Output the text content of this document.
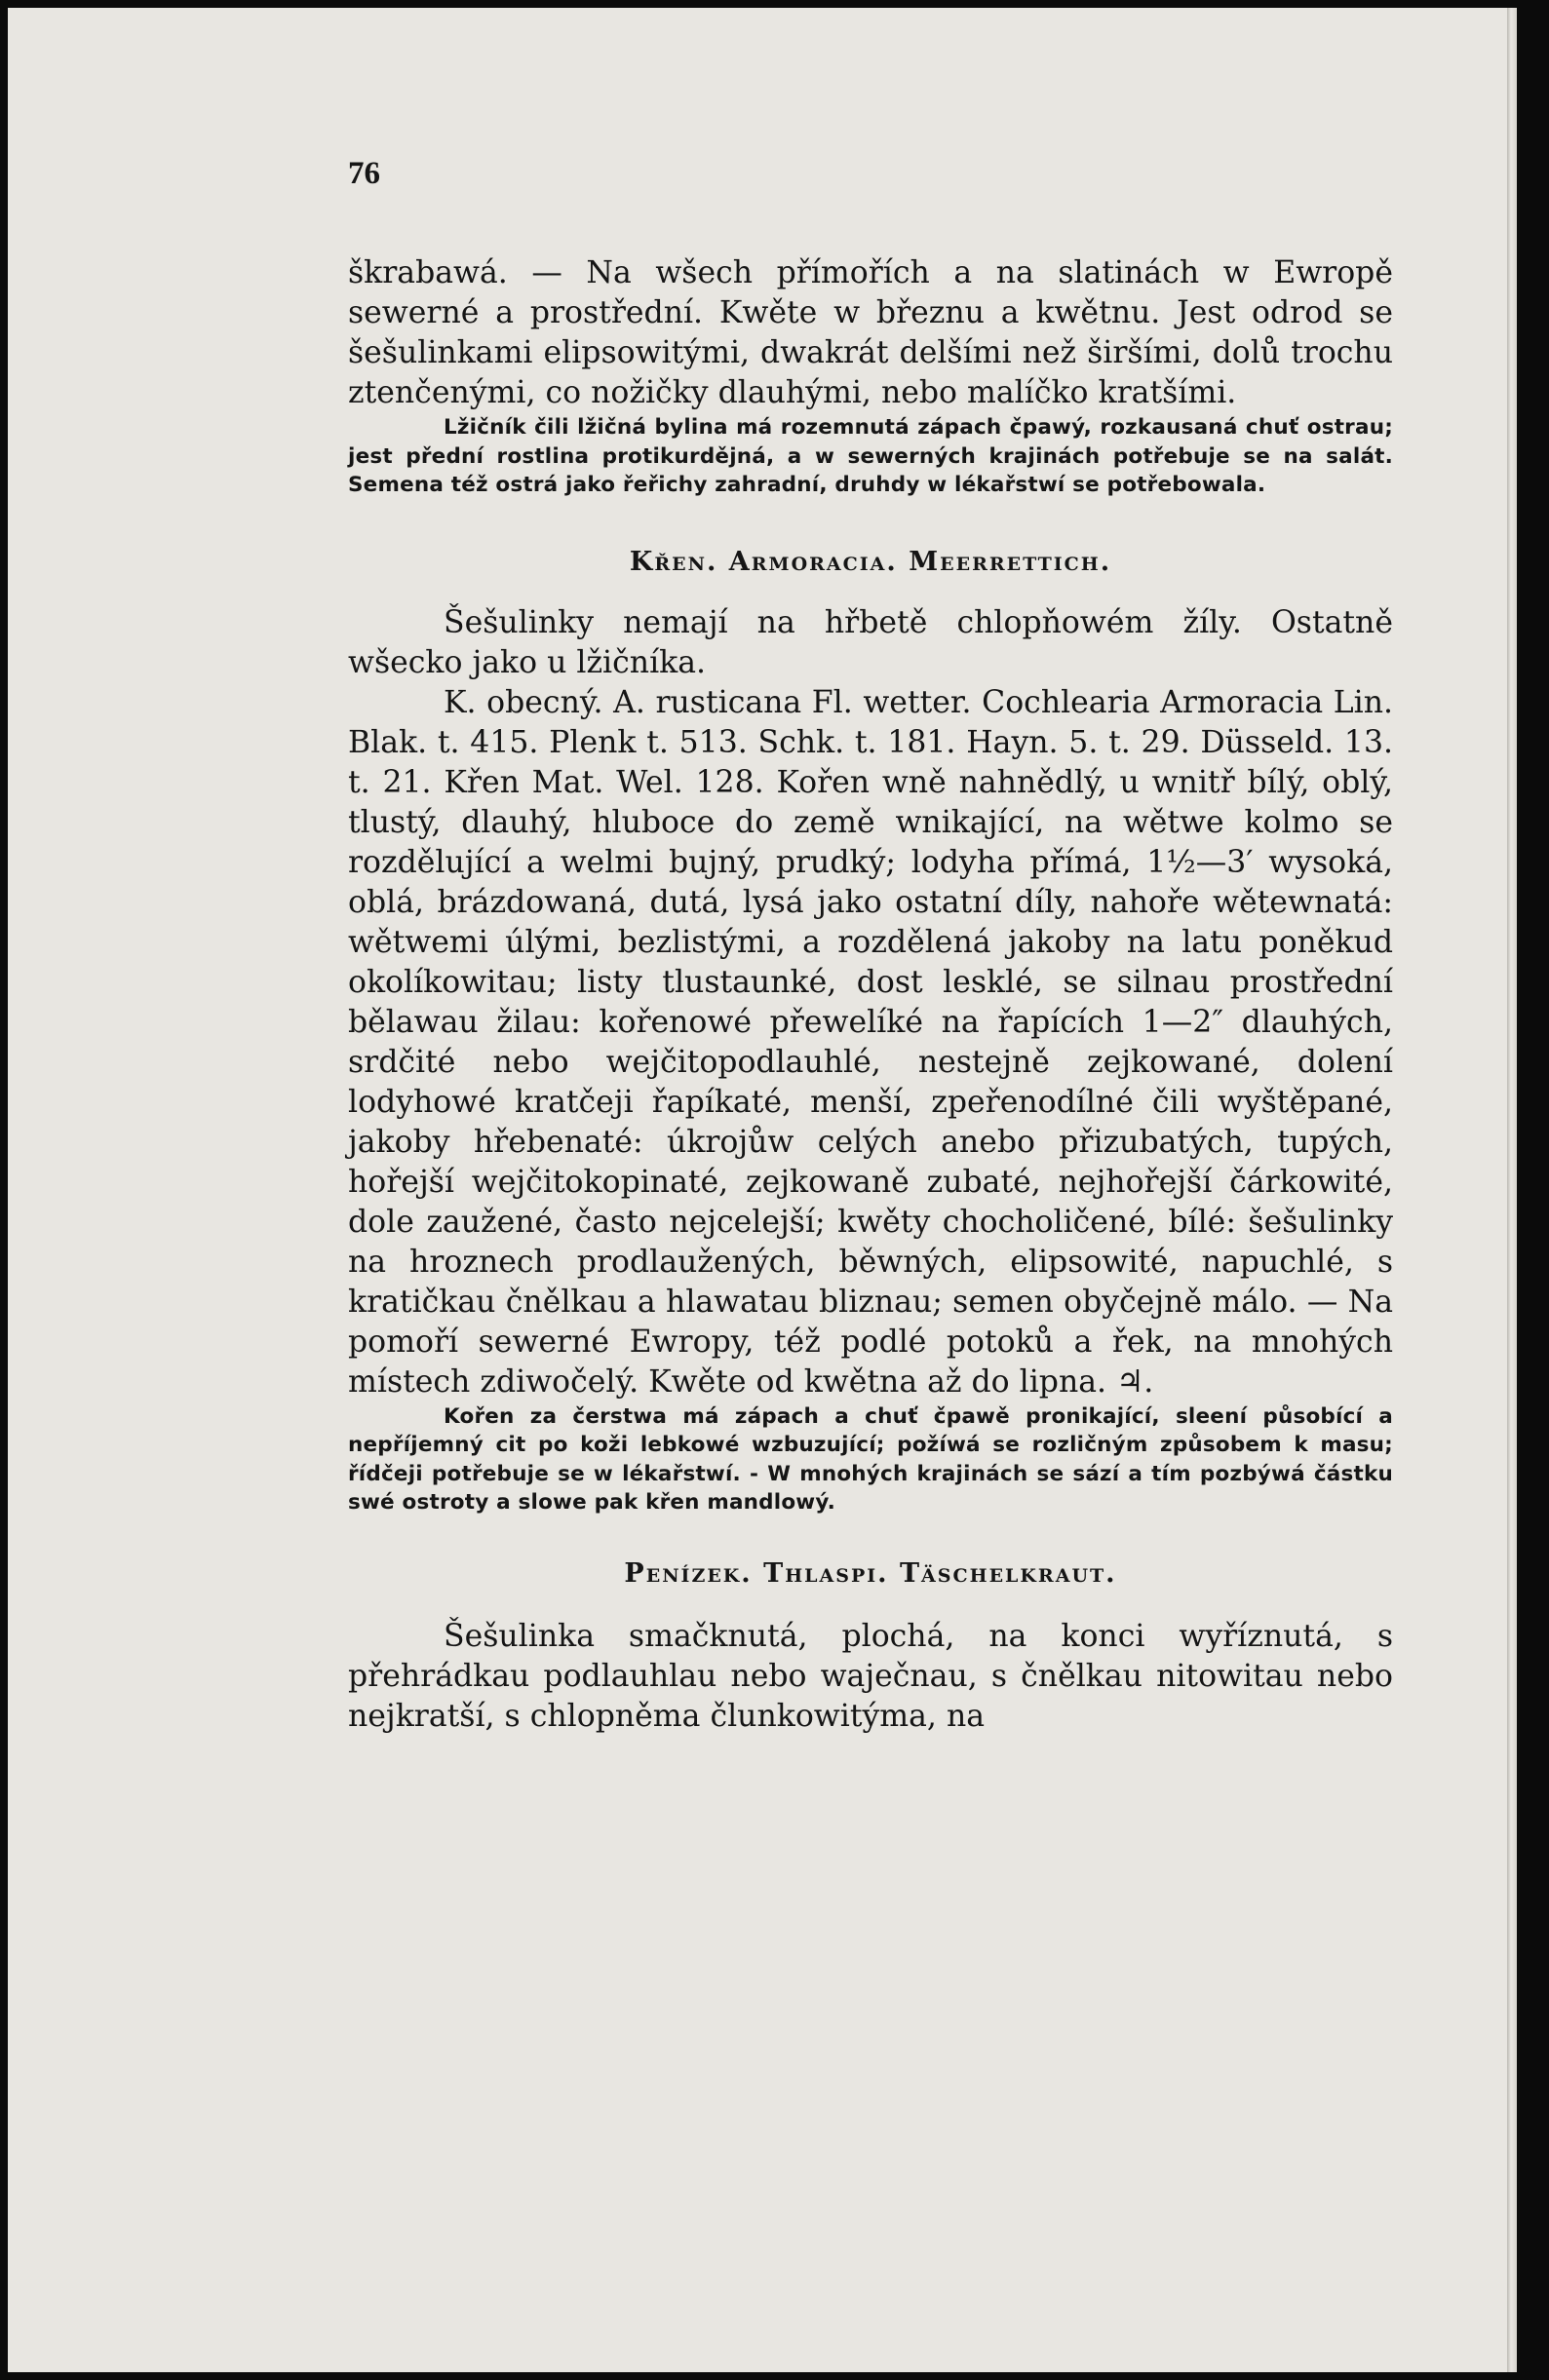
76

škrabawá. — Na wšech přímořích a na slatinách w Ewropě sewerné a prostřední. Kwěte w březnu a kwětnu. Jest odrod se šešulinkami elipsowitými, dwakrát delšími než širšími, dolů trochu ztenčenými, co nožičky dlauhými, nebo malíčko kratšími.

Lžičník čili lžičná bylina má rozemnutá zápach čpawý, rozkausaná chuť ostrau; jest přední rostlina protikurdějná, a w sewerných krajinách potřebuje se na salát. Semena též ostrá jako řeřichy zahradní, druhdy w lékařstwí se potřebowala.

Křen. Armoracia. Meerrettich.

Šešulinky nemají na hřbetě chlopňowém žíly. Ostatně wšecko jako u lžičníka.

K. obecný. A. rusticana Fl. wetter. Cochlearia Armoracia Lin. Blak. t. 415. Plenk t. 513. Schk. t. 181. Hayn. 5. t. 29. Düsseld. 13. t. 21. Křen Mat. Wel. 128. Kořen wně nahnědlý, u wnitř bílý, oblý, tlustý, dlauhý, hluboce do země wnikající, na wětwe kolmo se rozdělující a welmi bujný, prudký; lodyha přímá, 1½—3′ wysoká, oblá, brázdowaná, dutá, lysá jako ostatní díly, nahoře wětewnatá: wětwemi úlými, bezlistými, a rozdělená jakoby na latu poněkud okolíkowitau; listy tlustaunké, dost lesklé, se silnau prostřední bělawau žilau: kořenowé přewelíké na řapících 1—2″ dlauhých, srdčité nebo wejčitopodlauhlé, nestejně zejkowané, dolení lodyhowé kratčeji řapíkaté, menší, zpeřenodílné čili wyštěpané, jakoby hřebenaté: úkrojůw celých anebo přizubatých, tupých, hořejší wejčitokopinaté, zejkowaně zubaté, nejhořejší čárkowité, dole zaužené, často nejcelejší; kwěty chocholičené, bílé: šešulinky na hroznech prodlaužených, běwných, elipsowité, napuchlé, s kratičkau čnělkau a hlawatau bliznau; semen obyčejně málo. — Na pomoří sewerné Ewropy, též podlé potoků a řek, na mnohých místech zdiwočelý. Kwěte od kwětna až do lipna. ♃.

Kořen za čerstwa má zápach a chuť čpawě pronikající, sleení působící a nepříjemný cit po koži lebkowé wzbuzující; požíwá se rozličným způsobem k masu; řídčeji potřebuje se w lékařstwí. - W mnohých krajinách se sází a tím pozbýwá částku swé ostroty a slowe pak křen mandlowý.

Penízek. Thlaspi. Täschelkraut.

Šešulinka smačknutá, plochá, na konci wyříznutá, s přehrádkau podlauhlau nebo waječnau, s čnělkau nitowitau nebo nejkratší, s chlopněma člunkowitýma, na
